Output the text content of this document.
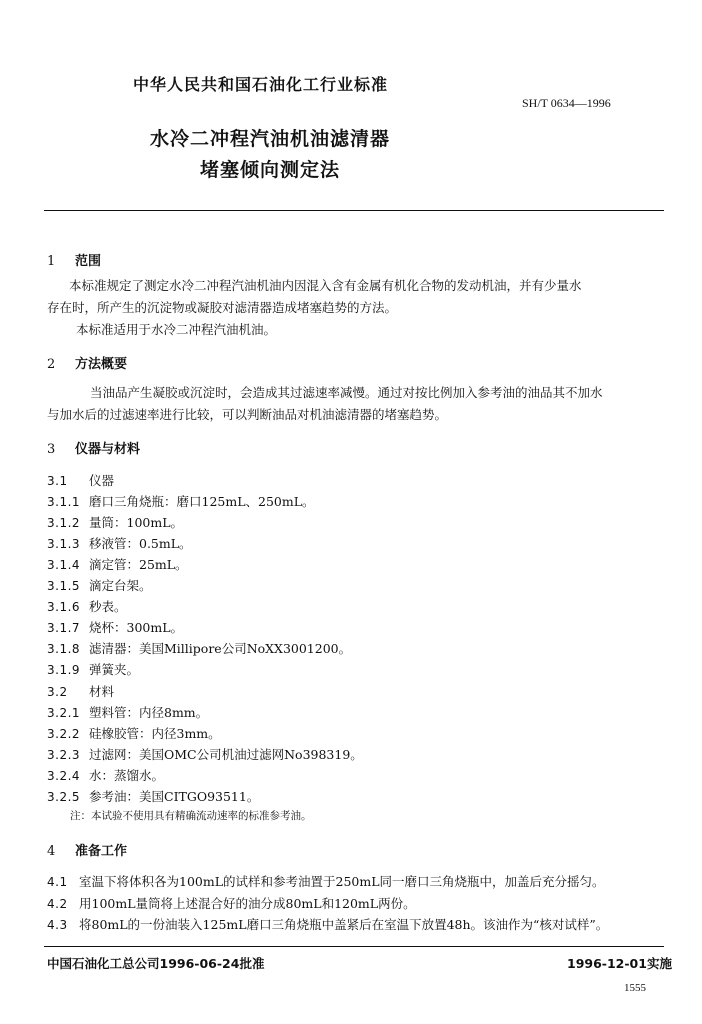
中华人民共和国石油化工行业标准
SH/T 0634—1996
水冷二冲程汽油机油滤清器
堵塞倾向测定法
1 范围
本标准规定了测定水冷二冲程汽油机油内因混入含有金属有机化合物的发动机油，并有少量水
存在时，所产生的沉淀物或凝胶对滤清器造成堵塞趋势的方法。
本标准适用于水冷二冲程汽油机油。
2 方法概要
当油品产生凝胶或沉淀时，会造成其过滤速率减慢。通过对按比例加入参考油的油品其不加水
与加水后的过滤速率进行比较，可以判断油品对机油滤清器的堵塞趋势。
3 仪器与材料
3.1 仪器
3.1.1 磨口三角烧瓶：磨口125mL、250mL。
3.1.2 量筒：100mL。
3.1.3 移液管：0.5mL。
3.1.4 滴定管：25mL。
3.1.5 滴定台架。
3.1.6 秒表。
3.1.7 烧杯：300mL。
3.1.8 滤清器：美国Millipore公司NoXX3001200。
3.1.9 弹簧夹。
3.2 材料
3.2.1 塑料管：内径8mm。
3.2.2 硅橡胶管：内径3mm。
3.2.3 过滤网：美国OMC公司机油过滤网No398319。
3.2.4 水：蒸馏水。
3.2.5 参考油：美国CITGO93511。
注：本试验不使用具有精确流动速率的标准参考油。
4 准备工作
4.1 室温下将体积各为100mL的试样和参考油置于250mL同一磨口三角烧瓶中，加盖后充分摇匀。
4.2 用100mL量筒将上述混合好的油分成80mL和120mL两份。
4.3 将80mL的一份油装入125mL磨口三角烧瓶中盖紧后在室温下放置48h。该油作为“核对试样”。
中国石油化工总公司1996-06-24批准	1996-12-01实施
1555
